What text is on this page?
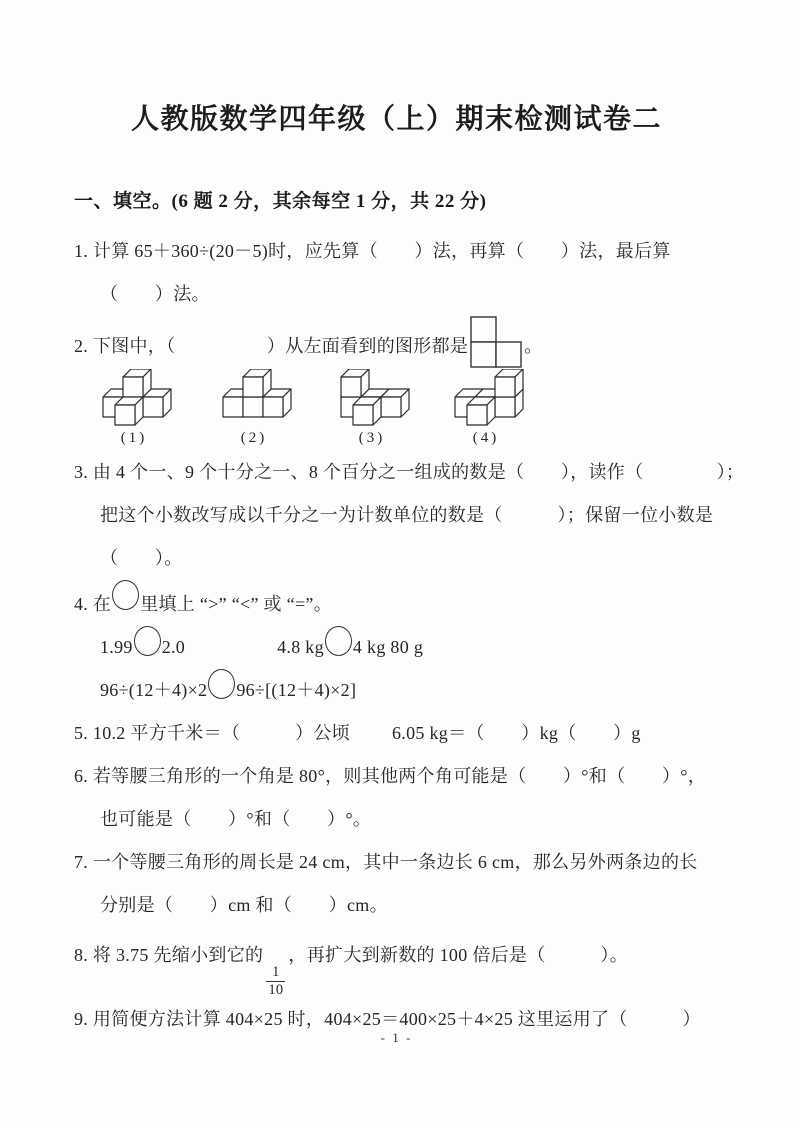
人教版数学四年级（上）期末检测试卷二
一、填空。(6 题 2 分，其余每空 1 分，共 22 分)
1. 计算 65＋360÷(20－5)时，应先算（　　）法，再算（　　）法，最后算
（　　）法。
2. 下图中，（　　　　　）从左面看到的图形都是	。
(1)	(2)	(3)	(4)
3. 由 4 个一、9 个十分之一、8 个百分之一组成的数是（　　），读作（　　　　）；
把这个小数改写成以千分之一为计数单位的数是（　　　）；保留一位小数是
（　　）。
4. 在 里填上 “>” “<” 或 “=”。
1.99 2.0	4.8 kg 4 kg 80 g
96÷(12＋4)×2 96÷[(12＋4)×2]
5. 10.2 平方千米＝（　　　）公顷 6.05 kg＝（　　）kg（　　）g
6. 若等腰三角形的一个角是 80°，则其他两个角可能是（　　）°和（　　）°，
也可能是（　　）°和（　　）°。
7. 一个等腰三角形的周长是 24 cm，其中一条边长 6 cm，那么另外两条边的长
分别是（　　）cm 和（　　）cm。
8. 将 3.75 先缩小到它的
$\frac{1}{10}$
，再扩大到新数的 100 倍后是（　　　）。
9. 用简便方法计算 404×25 时，404×25＝400×25＋4×25 这里运用了（　　　）
- 1 -
